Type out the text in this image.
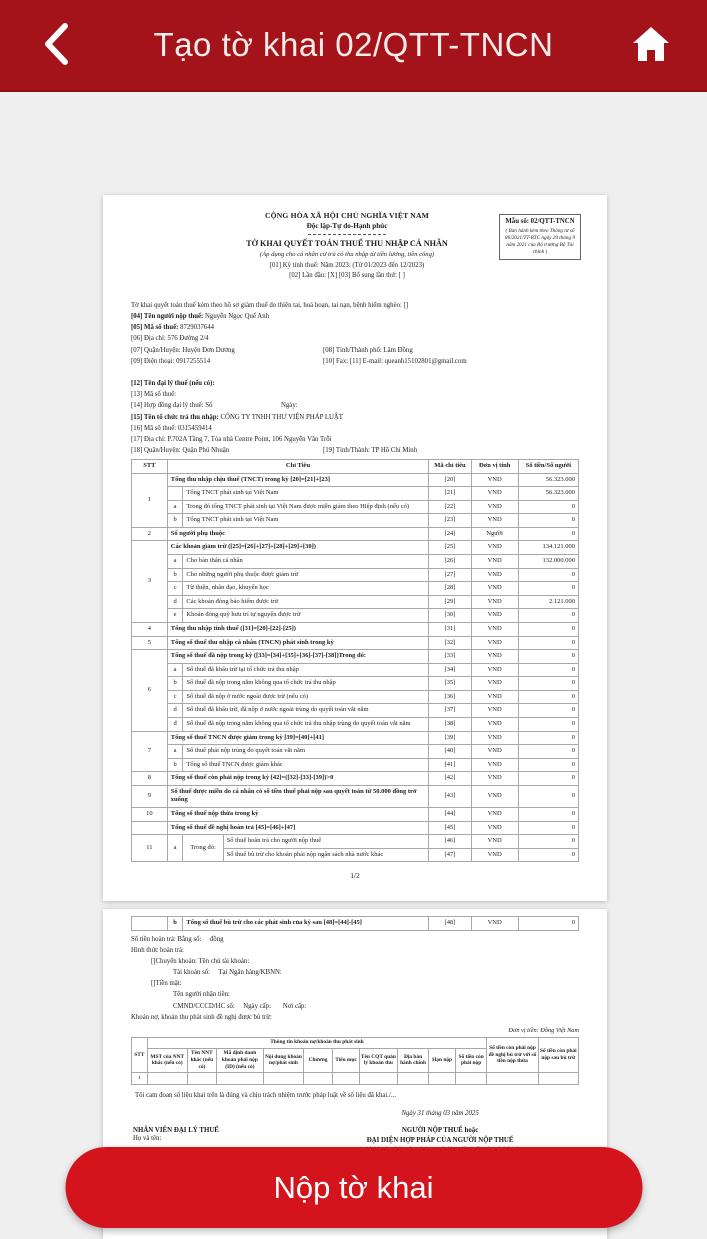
Tạo tờ khai 02/QTT-TNCN
CỘNG HÒA XÃ HỘI CHỦ NGHĨA VIỆT NAM
Độc lập-Tự do-Hạnh phúc
TỜ KHAI QUYẾT TOÁN THUẾ THU NHẬP CÁ NHÂN
(Áp dụng cho cá nhân cư trú có thu nhập từ tiền lương, tiền công)
[01] Kỳ tính thuế: Năm 2023: (Từ 01/2023 đến 12/2023)
[02] Lần đầu: [X] [03] Bổ sung lần thứ: [ ]
Mẫu số: 02/QTT-TNCN
( Ban hành kèm theo Thông tư số 80/2021/TT-BTC ngày 29 tháng 9 năm 2021 của Bộ trưởng Bộ Tài chính )
Tờ khai quyết toán thuế kèm theo hồ sơ giảm thuế do thiên tai, hoả hoạn, tai nạn, bệnh hiểm nghèo: []
[04] Tên người nộp thuế: Nguyễn Ngọc Quế Anh
[05] Mã số thuế: 8729037644
[06] Địa chỉ: 576 Đường 2/4
[07] Quận/Huyện: Huyện Đơn Dương	[08] Tỉnh/Thành phố: Lâm Đồng
[09] Điện thoại: 0917255514	[10] Fax: [11] E-mail: queanh15102801@gmail.com

[12] Tên đại lý thuế (nếu có):
[13] Mã số thuế:
[14] Hợp đồng đại lý thuế: Số	Ngày:
[15] Tên tổ chức trả thu nhập: CÔNG TY TNHH THƯ VIỆN PHÁP LUẬT
[16] Mã số thuế: 0315459414
[17] Địa chỉ: P.702A Tầng 7, Tòa nhà Centre Point, 106 Nguyễn Văn Trỗi
[18] Quận/Huyện: Quận Phú Nhuận	[19] Tỉnh/Thành: TP Hồ Chí Minh
STT	Chỉ Tiêu			Mã chỉ tiêu	Đơn vị tính	Số tiền/Số người
1	Tổng thu nhập chịu thuế (TNCT) trong kỳ [20]=[21]+[23]			[20]	VND	56.323.000
		Tổng TNCT phát sinh tại Việt Nam		[21]	VND	56.323.000
	a	Trong đó tổng TNCT phát sinh tại Việt Nam được miễn giảm theo Hiệp định (nếu có)		[22]	VND	0
	b	Tổng TNCT phát sinh tại Việt Nam		[23]	VND	0
2	Số người phụ thuộc			[24]	Người	0
3	Các khoản giảm trừ ([25]=[26]+[27]+[28]+[29]+[30])			[25]	VND	134.121.000
	a	Cho bản thân cá nhân		[26]	VND	132.000.000
	b	Cho những người phụ thuộc được giảm trừ		[27]	VND	0
	c	Từ thiện, nhân đạo, khuyến học		[28]	VND	0
	d	Các khoản đóng bảo hiểm được trừ		[29]	VND	2.121.000
	e	Khoản đóng quỹ hưu trí tự nguyện được trừ		[30]	VND	0
4	Tổng thu nhập tính thuế ([31]=[20]-[22]-[25])			[31]	VND	0
5	Tổng số thuế thu nhập cá nhân (TNCN) phát sinh trong kỳ			[32]	VND	0
6	Tổng số thuế đã nộp trong kỳ ([33]=[34]+[35]+[36]-[37]-[38])Trong đó:			[33]	VND	0
	a	Số thuế đã khấu trừ tại tổ chức trả thu nhập		[34]	VND	0
	b	Số thuế đã nộp trong năm không qua tổ chức trả thu nhập		[35]	VND	0
	c	Số thuế đã nộp ở nước ngoài được trừ (nếu có)		[36]	VND	0
	d	Số thuế đã khấu trừ, đã nộp ở nước ngoài trùng do quyết toán vắt năm		[37]	VND	0
	đ	Số thuế đã nộp trong năm không qua tổ chức trả thu nhập trùng do quyết toán vắt năm		[38]	VND	0
7	Tổng số thuế TNCN được giảm trong kỳ [39]=[40]+[41]			[39]	VND	0
	a	Số thuế phải nộp trùng do quyết toán vắt năm		[40]	VND	0
	b	Tổng số thuế TNCN được giảm khác		[41]	VND	0
8	Tổng số thuế còn phải nộp trong kỳ [42]=([32]-[33]-[39])>0			[42]	VND	0
9	Số thuế được miễn do cá nhân có số tiền thuế phải nộp sau quyết toán từ 50.000 đồng trở xuống			[43]	VND	0
10	Tổng số thuế nộp thừa trong kỳ			[44]	VND	0
	Tổng số thuế đề nghị hoàn trả [45]=[46]+[47]			[45]	VND	0
11	a	Trong đó:	Số thuế hoàn trả cho người nộp thuế	[46]	VND	0
			Số thuế bù trừ cho khoản phải nộp ngân sách nhà nước khác	[47]	VND	0
1/2
	b	Tổng số thuế bù trừ cho các phát sinh của kỳ sau [48]=[44]-[45]	[48]	VND	0
Số tiền hoàn trả: Bằng số:     đồng
Hình thức hoàn trả:
[]Chuyển khoản: Tên chủ tài khoản:
Tài khoản số:     Tại Ngân hàng/KBNN:
[]Tiền mặt:
Tên người nhận tiền:
CMND/CCCD/HC số:     Ngày cấp:       Nơi cấp:
Khoản nợ, khoản thu phát sinh đề nghị được bù trừ:
Đơn vị tiền: Đồng Việt Nam
STT	Thông tin khoản nợ/khoản thu phát sinh										Số tiền còn phải nộp đề nghị bù trừ với số tiền nộp thừa	Số tiền còn phải nộp sau bù trừ
	MST của NNT khác (nếu có)	Tên NNT khác (nếu có)	Mã định danh khoản phải nộp (ID) (nếu có)	Nội dung khoản nợ/phát sinh	Chương	Tiểu mục	Tên CQT quản lý khoản thu	Địa bàn hành chính	Hạn nộp	Số tiền còn phải nộp		
1												
Tôi cam đoan số liệu khai trên là đúng và chịu trách nhiệm trước pháp luật về số liệu đã khai./...
Ngày 31 tháng 03 năm 2025
NHÂN VIÊN ĐẠI LÝ THUẾ
Họ và tên:
NGƯỜI NỘP THUẾ hoặc
ĐẠI DIỆN HỢP PHÁP CỦA NGƯỜI NỘP THUẾ
Nộp tờ khai
